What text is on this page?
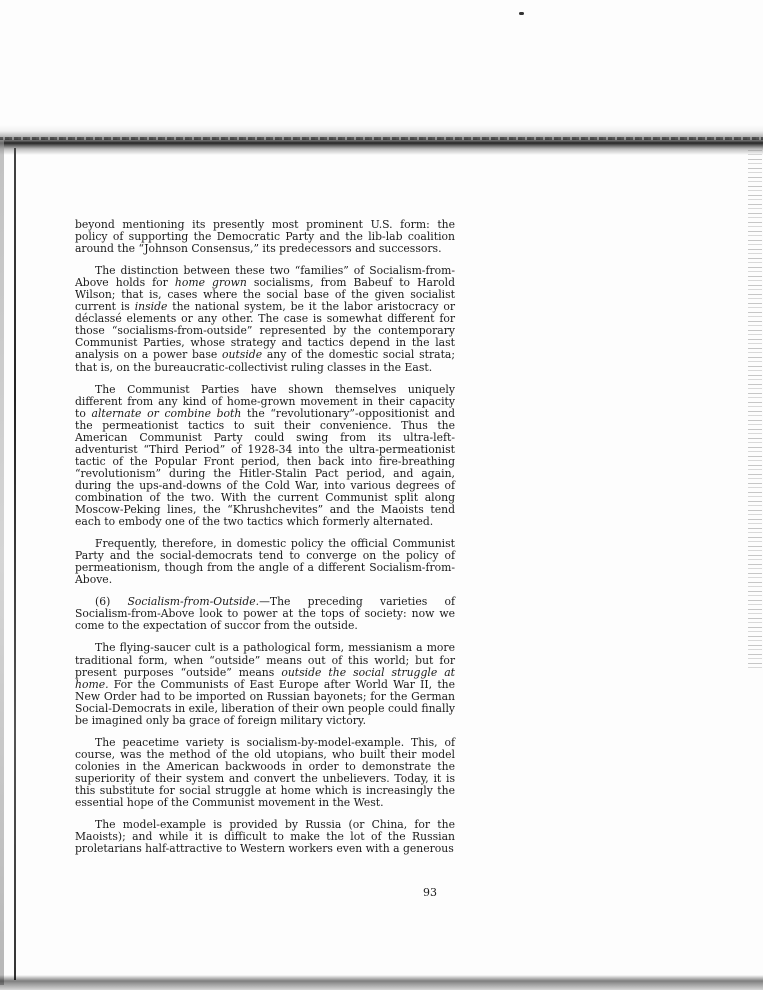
beyond mentioning its presently most prominent U.S. form: the policy of supporting the Democratic Party and the lib-lab coalition around the “Johnson Consensus,” its predecessors and successors.

The distinction between these two “families” of Socialism-from-Above holds for home grown socialisms, from Babeuf to Harold Wilson; that is, cases where the social base of the given socialist current is inside the national system, be it the labor aristocracy or déclassé elements or any other. The case is somewhat different for those “socialisms-from-outside” represented by the contemporary Communist Parties, whose strategy and tactics depend in the last analysis on a power base outside any of the domestic social strata; that is, on the bureaucratic-collectivist ruling classes in the East.

The Communist Parties have shown themselves uniquely different from any kind of home-grown movement in their capacity to alternate or combine both the “revolutionary”-oppositionist and the permeationist tactics to suit their convenience. Thus the American Communist Party could swing from its ultra-left-adventurist “Third Period” of 1928-34 into the ultra-permeationist tactic of the Popular Front period, then back into fire-breathing “revolutionism” during the Hitler-Stalin Pact period, and again, during the ups-and-downs of the Cold War, into various degrees of combination of the two. With the current Communist split along Moscow-Peking lines, the “Khrushchevites” and the Maoists tend each to embody one of the two tactics which formerly alternated.

Frequently, therefore, in domestic policy the official Communist Party and the social-democrats tend to converge on the policy of permeationism, though from the angle of a different Socialism-from-Above.

(6) Socialism-from-Outside.—The preceding varieties of Socialism-from-Above look to power at the tops of society: now we come to the expectation of succor from the outside.

The flying-saucer cult is a pathological form, messianism a more traditional form, when “outside” means out of this world; but for present purposes “outside” means outside the social struggle at home. For the Communists of East Europe after World War II, the New Order had to be imported on Russian bayonets; for the German Social-Democrats in exile, liberation of their own people could finally be imagined only ba grace of foreign military victory.

The peacetime variety is socialism-by-model-example. This, of course, was the method of the old utopians, who built their model colonies in the American backwoods in order to demonstrate the superiority of their system and convert the unbelievers. Today, it is this substitute for social struggle at home which is increasingly the essential hope of the Communist movement in the West.

The model-example is provided by Russia (or China, for the Maoists); and while it is difficult to make the lot of the Russian proletarians half-attractive to Western workers even with a generous

93
